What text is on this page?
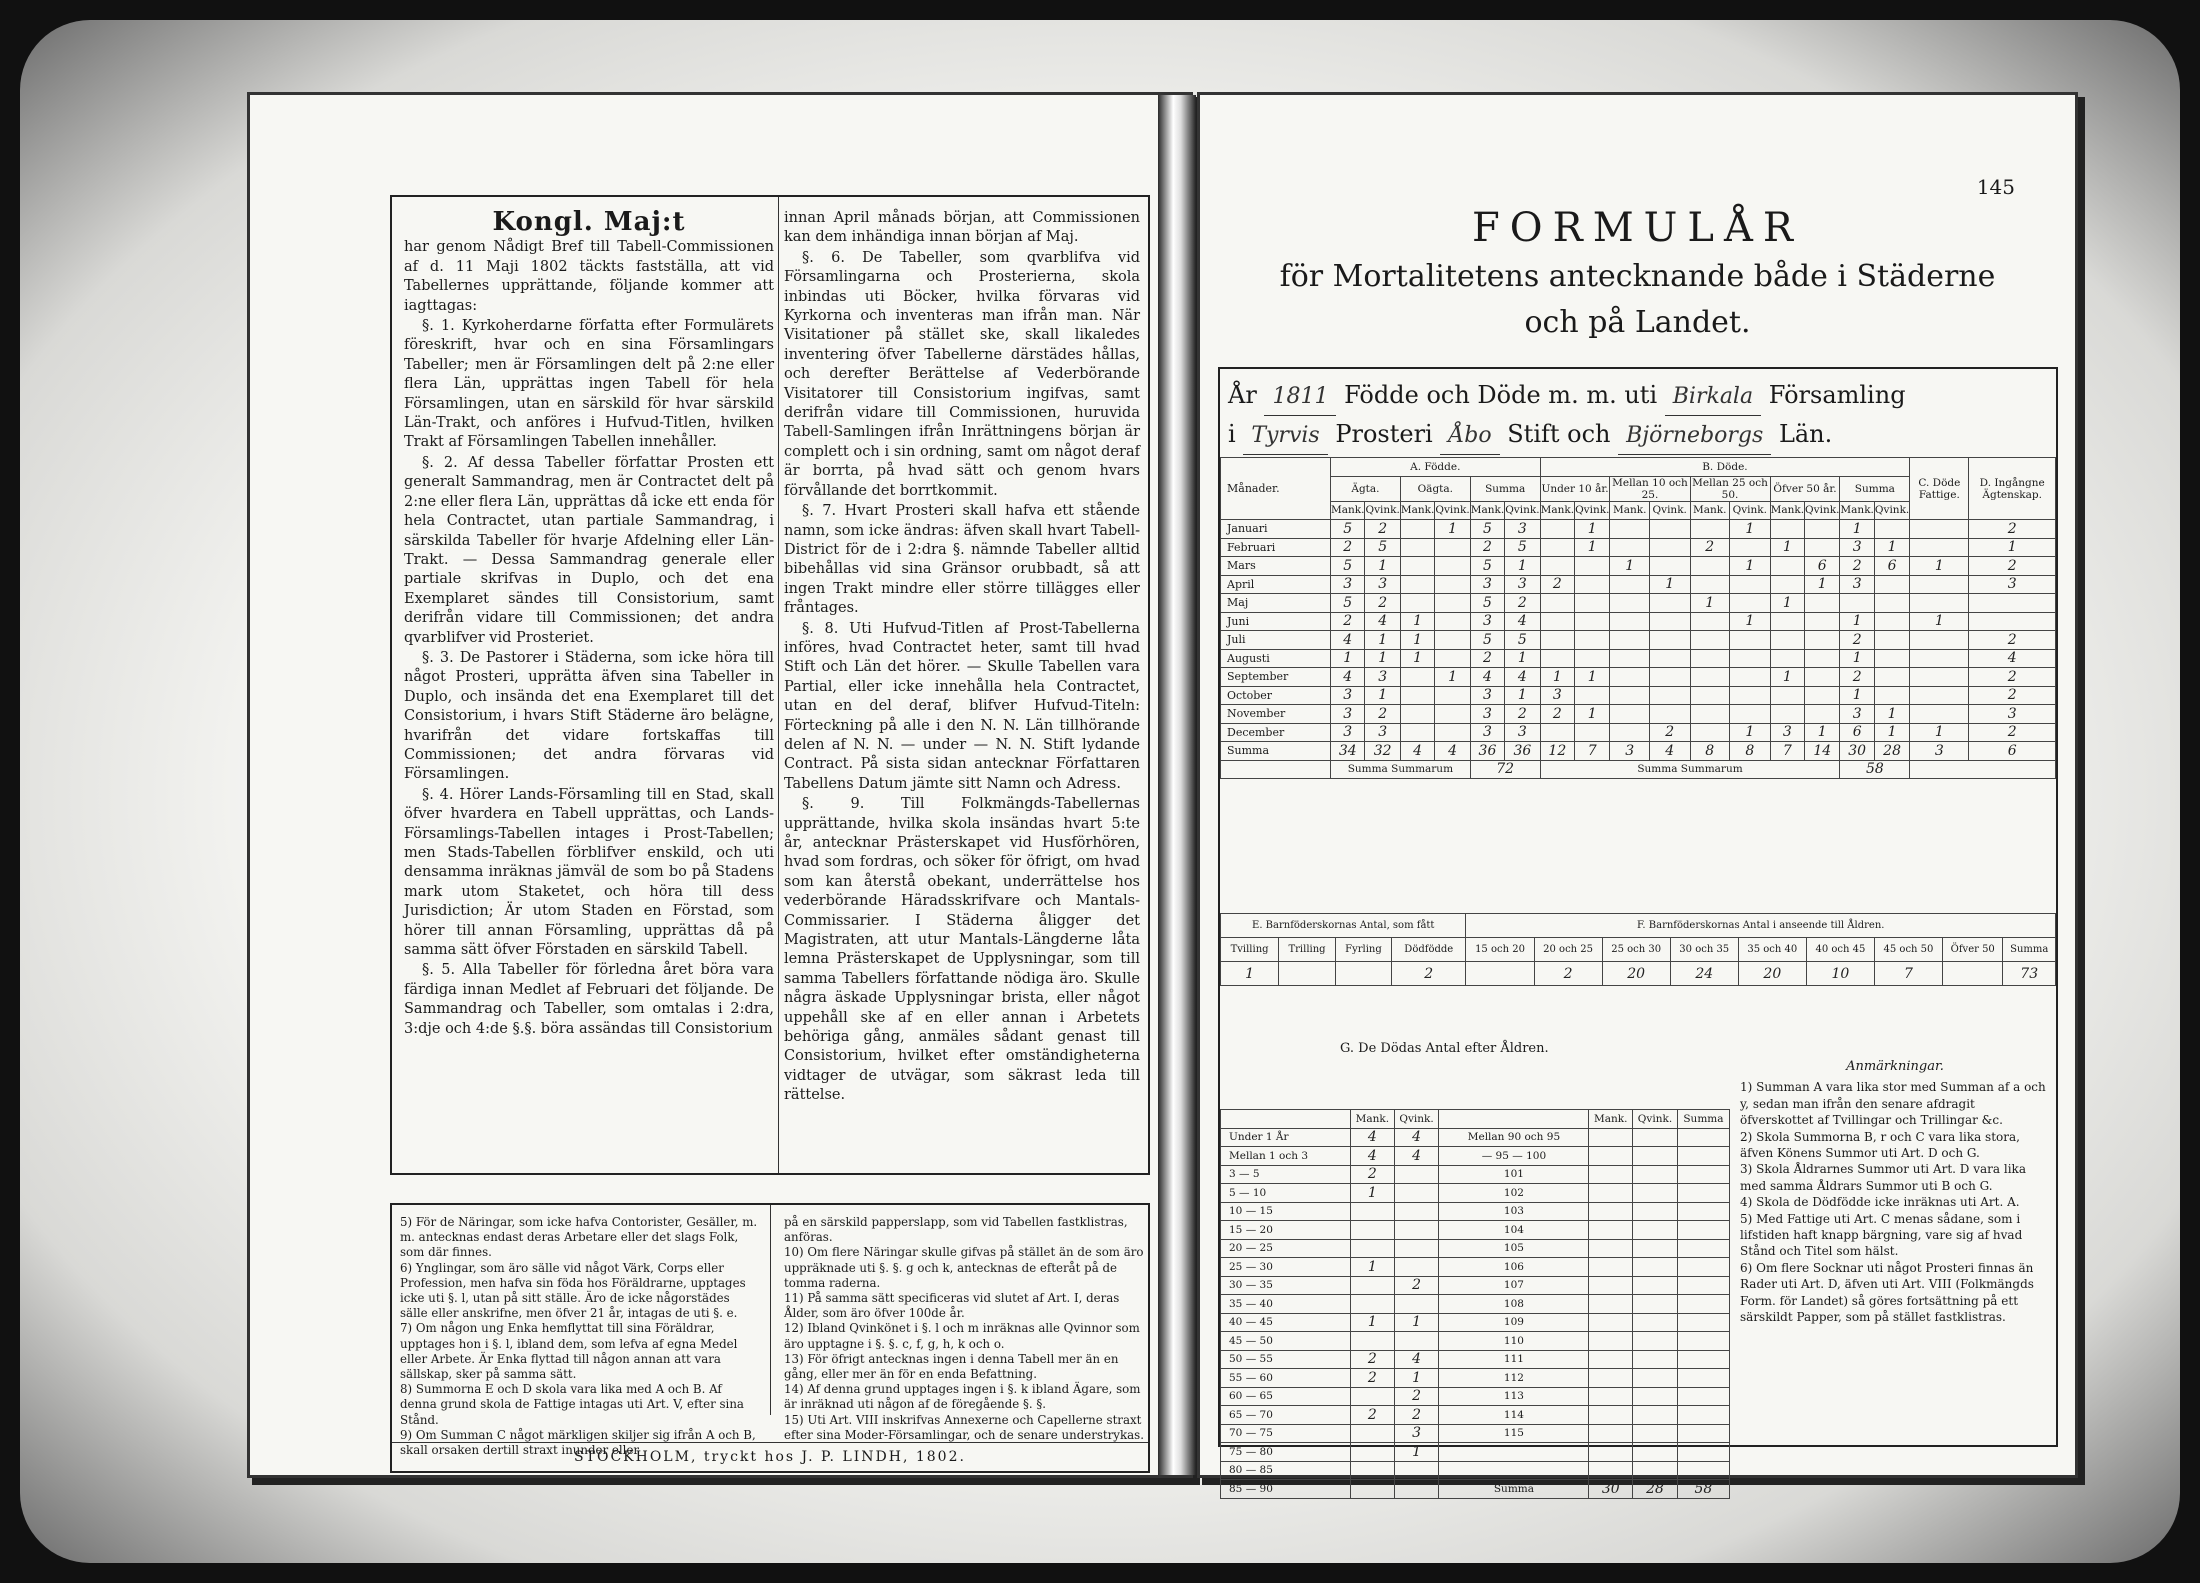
Kongl. Maj:t

har genom Nådigt Bref till Tabell-Commissionen af d. 11 Maji 1802 täckts fastställa, att vid Tabellernes upprättande, följande kommer att iagttagas:

§. 1. Kyrkoherdarne författa efter Formulärets föreskrift, hvar och en sina Församlingars Tabeller; men är Församlingen delt på 2:ne eller flera Län, upprättas ingen Tabell för hela Församlingen, utan en särskild för hvar särskild Län-Trakt, och anföres i Hufvud-Titlen, hvilken Trakt af Församlingen Tabellen innehåller.

§. 2. Af dessa Tabeller författar Prosten ett generalt Sammandrag, men är Contractet delt på 2:ne eller flera Län, upprättas då icke ett enda för hela Contractet, utan partiale Sammandrag, i särskilda Tabeller för hvarje Afdelning eller Län-Trakt. — Dessa Sammandrag generale eller partiale skrifvas in Duplo, och det ena Exemplaret sändes till Consistorium, samt derifrån vidare till Commissionen; det andra qvarblifver vid Prosteriet.

§. 3. De Pastorer i Städerna, som icke höra till något Prosteri, upprätta äfven sina Tabeller in Duplo, och insända det ena Exemplaret till det Consistorium, i hvars Stift Städerne äro belägne, hvarifrån det vidare fortskaffas till Commissionen; det andra förvaras vid Församlingen.

§. 4. Hörer Lands-Församling till en Stad, skall öfver hvardera en Tabell upprättas, och Lands-Församlings-Tabellen intages i Prost-Tabellen; men Stads-Tabellen förblifver enskild, och uti densamma inräknas jämväl de som bo på Stadens mark utom Staketet, och höra till dess Jurisdiction; Är utom Staden en Förstad, som hörer till annan Församling, upprättas då på samma sätt öfver Förstaden en särskild Tabell.

§. 5. Alla Tabeller för förledna året böra vara färdiga innan Medlet af Februari det följande. De Sammandrag och Tabeller, som omtalas i 2:dra, 3:dje och 4:de §.§. böra assändas till Consistorium

innan April månads början, att Commissionen kan dem inhändiga innan början af Maj.

§. 6. De Tabeller, som qvarblifva vid Församlingarna och Prosterierna, skola inbindas uti Böcker, hvilka förvaras vid Kyrkorna och inventeras man ifrån man. När Visitationer på stället ske, skall likaledes inventering öfver Tabellerne därstädes hållas, och derefter Berättelse af Vederbörande Visitatorer till Consistorium ingifvas, samt derifrån vidare till Commissionen, huruvida Tabell-Samlingen ifrån Inrättningens början är complett och i sin ordning, samt om något deraf är borrta, på hvad sätt och genom hvars förvållande det borrtkommit.

§. 7. Hvart Prosteri skall hafva ett stående namn, som icke ändras: äfven skall hvart Tabell-District för de i 2:dra §. nämnde Tabeller alltid bibehållas vid sina Gränsor orubbadt, så att ingen Trakt mindre eller större tillägges eller fråntages.

§. 8. Uti Hufvud-Titlen af Prost-Tabellerna införes, hvad Contractet heter, samt till hvad Stift och Län det hörer. — Skulle Tabellen vara Partial, eller icke innehålla hela Contractet, utan en del deraf, blifver Hufvud-Titeln: Förteckning på alle i den N. N. Län tillhörande delen af N. N. — under — N. N. Stift lydande Contract. På sista sidan antecknar Författaren Tabellens Datum jämte sitt Namn och Adress.

§. 9. Till Folkmängds-Tabellernas upprättande, hvilka skola insändas hvart 5:te år, antecknar Prästerskapet vid Husförhören, hvad som fordras, och söker för öfrigt, om hvad som kan återstå obekant, underrättelse hos vederbörande Häradsskrifvare och Mantals-Commissarier. I Städerna åligger det Magistraten, att utur Mantals-Längderne låta lemna Prästerskapet de Upplysningar, som till samma Tabellers författande nödiga äro. Skulle några äskade Upplysningar brista, eller något uppehåll ske af en eller annan i Arbetets behöriga gång, anmäles sådant genast till Consistorium, hvilket efter omständigheterna vidtager de utvägar, som säkrast leda till rättelse.

5) För de Näringar, som icke hafva Contorister, Gesäller, m. m. antecknas endast deras Arbetare eller det slags Folk, som där finnes.
6) Ynglingar, som äro sälle vid något Värk, Corps eller Profession, men hafva sin föda hos Föräldrarne, upptages icke uti §. l, utan på sitt ställe. Äro de icke någorstädes sälle eller anskrifne, men öfver 21 år, intagas de uti §. e.
7) Om någon ung Enka hemflyttat till sina Föräldrar, upptages hon i §. l, ibland dem, som lefva af egna Medel eller Arbete. Är Enka flyttad till någon annan att vara sällskap, sker på samma sätt.
8) Summorna E och D skola vara lika med A och B. Af denna grund skola de Fattige intagas uti Art. V, efter sina Stånd.
9) Om Summan C något märkligen skiljer sig ifrån A och B, skall orsaken dertill straxt inunder eller
på en särskild papperslapp, som vid Tabellen fastklistras, anföras.
10) Om flere Näringar skulle gifvas på stället än de som äro uppräknade uti §. §. g och k, antecknas de efteråt på de tomma raderna.
11) På samma sätt specificeras vid slutet af Art. I, deras Ålder, som äro öfver 100de år.
12) Ibland Qvinkönet i §. l och m inräknas alle Qvinnor som äro upptagne i §. §. c, f, g, h, k och o.
13) För öfrigt antecknas ingen i denna Tabell mer än en gång, eller mer än för en enda Befattning.
14) Af denna grund upptages ingen i §. k ibland Ägare, som är inräknad uti någon af de föregående §. §.
15) Uti Art. VIII inskrifvas Annexerne och Capellerne straxt efter sina Moder-Församlingar, och de senare understrykas.
STOCKHOLM, tryckt hos J. P. LINDH, 1802.
145
FORMULÅR
för Mortalitetens antecknande både i Städerne
och på Landet.
År 1811 Födde och Döde m. m. uti Birkala Församling
i Tyrvis Prosteri Åbo Stift och Björneborgs Län.
Månader.	A. Födde.						B. Döde.										C. Döde Fattige.	D. Ingångne Ägtenskap.
	Ägta.		Oägta.		Summa		Under 10 år.		Mellan 10 och 25.		Mellan 25 och 50.		Öfver 50 år.		Summa			
	Mank.	Qvink.	Mank.	Qvink.	Mank.	Qvink.	Mank.	Qvink.	Mank.	Qvink.	Mank.	Qvink.	Mank.	Qvink.	Mank.	Qvink.		
Januari	5	2		1	5	3		1				1			1			2
Februari	2	5			2	5		1			2		1		3	1		1
Mars	5	1			5	1			1			1		6	2	6	1	2
April	3	3			3	3	2			1				1	3			3
Maj	5	2			5	2					1		1					
Juni	2	4	1		3	4						1			1		1	
Juli	4	1	1		5	5									2			2
Augusti	1	1	1		2	1									1			4
September	4	3		1	4	4	1	1					1		2			2
October	3	1			3	1	3								1			2
November	3	2			3	2	2	1							3	1		3
December	3	3			3	3				2		1	3	1	6	1	1	2
Summa	34	32	4	4	36	36	12	7	3	4	8	8	7	14	30	28	3	6
	Summa Summarum				72		Summa Summarum								58			
E. Barnföderskornas Antal, som fått				F. Barnföderskornas Antal i anseende till Åldren.								
Tvilling	Trilling	Fyrling	Dödfödde	15 och 20	20 och 25	25 och 30	30 och 35	35 och 40	40 och 45	45 och 50	Öfver 50	Summa
1			2		2	20	24	20	10	7		73
G. De Dödas Antal efter Åldren.
	Mank.	Qvink.		Mank.	Qvink.	Summa
Under 1 År	4	4	Mellan 90 och 95			
Mellan 1 och 3	4	4	— 95 — 100			
3 — 5	2		101			
5 — 10	1		102			
10 — 15			103			
15 — 20			104			
20 — 25			105			
25 — 30	1		106			
30 — 35		2	107			
35 — 40			108			
40 — 45	1	1	109			
45 — 50			110			
50 — 55	2	4	111			
55 — 60	2	1	112			
60 — 65		2	113			
65 — 70	2	2	114			
70 — 75		3	115			
75 — 80		1				
80 — 85						
85 — 90			Summa	30	28	58
Anmärkningar.
1) Summan A vara lika stor med Summan af a och y, sedan man ifrån den senare afdragit öfverskottet af Tvillingar och Trillingar &c.
2) Skola Summorna B, r och C vara lika stora, äfven Könens Summor uti Art. D och G.
3) Skola Åldrarnes Summor uti Art. D vara lika med samma Åldrars Summor uti B och G.
4) Skola de Dödfödde icke inräknas uti Art. A.
5) Med Fattige uti Art. C menas sådane, som i lifstiden haft knapp bärgning, vare sig af hvad Stånd och Titel som hälst.
6) Om flere Socknar uti något Prosteri finnas än Rader uti Art. D, äfven uti Art. VIII (Folkmängds Form. för Landet) så göres fortsättning på ett särskildt Papper, som på stället fastklistras.
